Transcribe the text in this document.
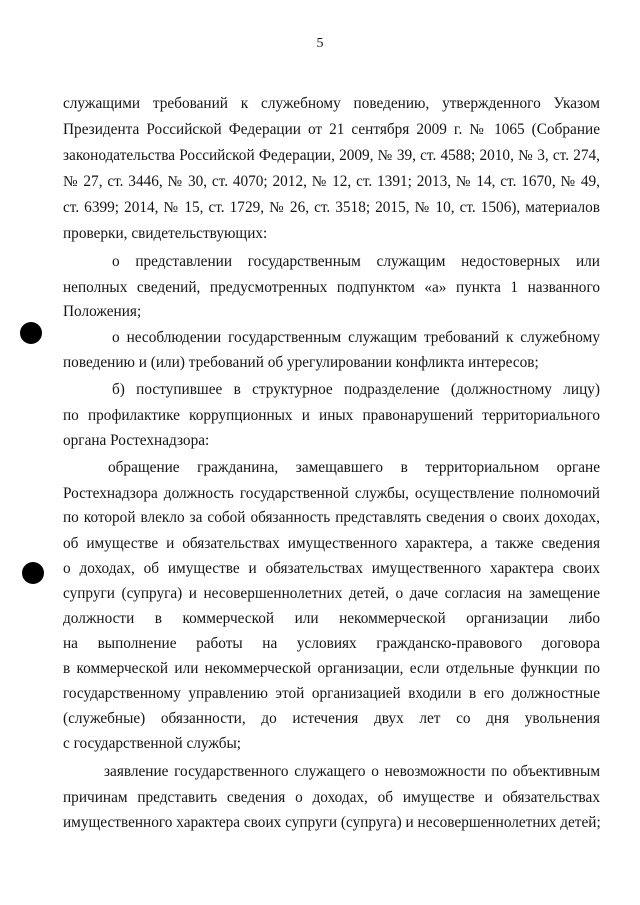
5
служащими требований к служебному поведению, утвержденного Указом
Президента Российской Федерации от 21 сентября 2009 г. № 1065 (Собрание
законодательства Российской Федерации, 2009, № 39, ст. 4588; 2010, № 3, ст. 274,
№ 27, ст. 3446, № 30, ст. 4070; 2012, № 12, ст. 1391; 2013, № 14, ст. 1670, № 49,
ст. 6399; 2014, № 15, ст. 1729, № 26, ст. 3518; 2015, № 10, ст. 1506), материалов
проверки, свидетельствующих:
о представлении государственным служащим недостоверных или
неполных сведений, предусмотренных подпунктом «а» пункта 1 названного
Положения;
о несоблюдении государственным служащим требований к служебному
поведению и (или) требований об урегулировании конфликта интересов;
б) поступившее в структурное подразделение (должностному лицу)
по профилактике коррупционных и иных правонарушений территориального
органа Ростехнадзора:
обращение гражданина, замещавшего в территориальном органе
Ростехнадзора должность государственной службы, осуществление полномочий
по которой влекло за собой обязанность представлять сведения о своих доходах,
об имуществе и обязательствах имущественного характера, а также сведения
о доходах, об имуществе и обязательствах имущественного характера своих
супруги (супруга) и несовершеннолетних детей, о даче согласия на замещение
должности в коммерческой или некоммерческой организации либо
на выполнение работы на условиях гражданско-правового договора
в коммерческой или некоммерческой организации, если отдельные функции по
государственному управлению этой организацией входили в его должностные
(служебные) обязанности, до истечения двух лет со дня увольнения
с государственной службы;
заявление государственного служащего о невозможности по объективным
причинам представить сведения о доходах, об имуществе и обязательствах
имущественного характера своих супруги (супруга) и несовершеннолетних детей;
